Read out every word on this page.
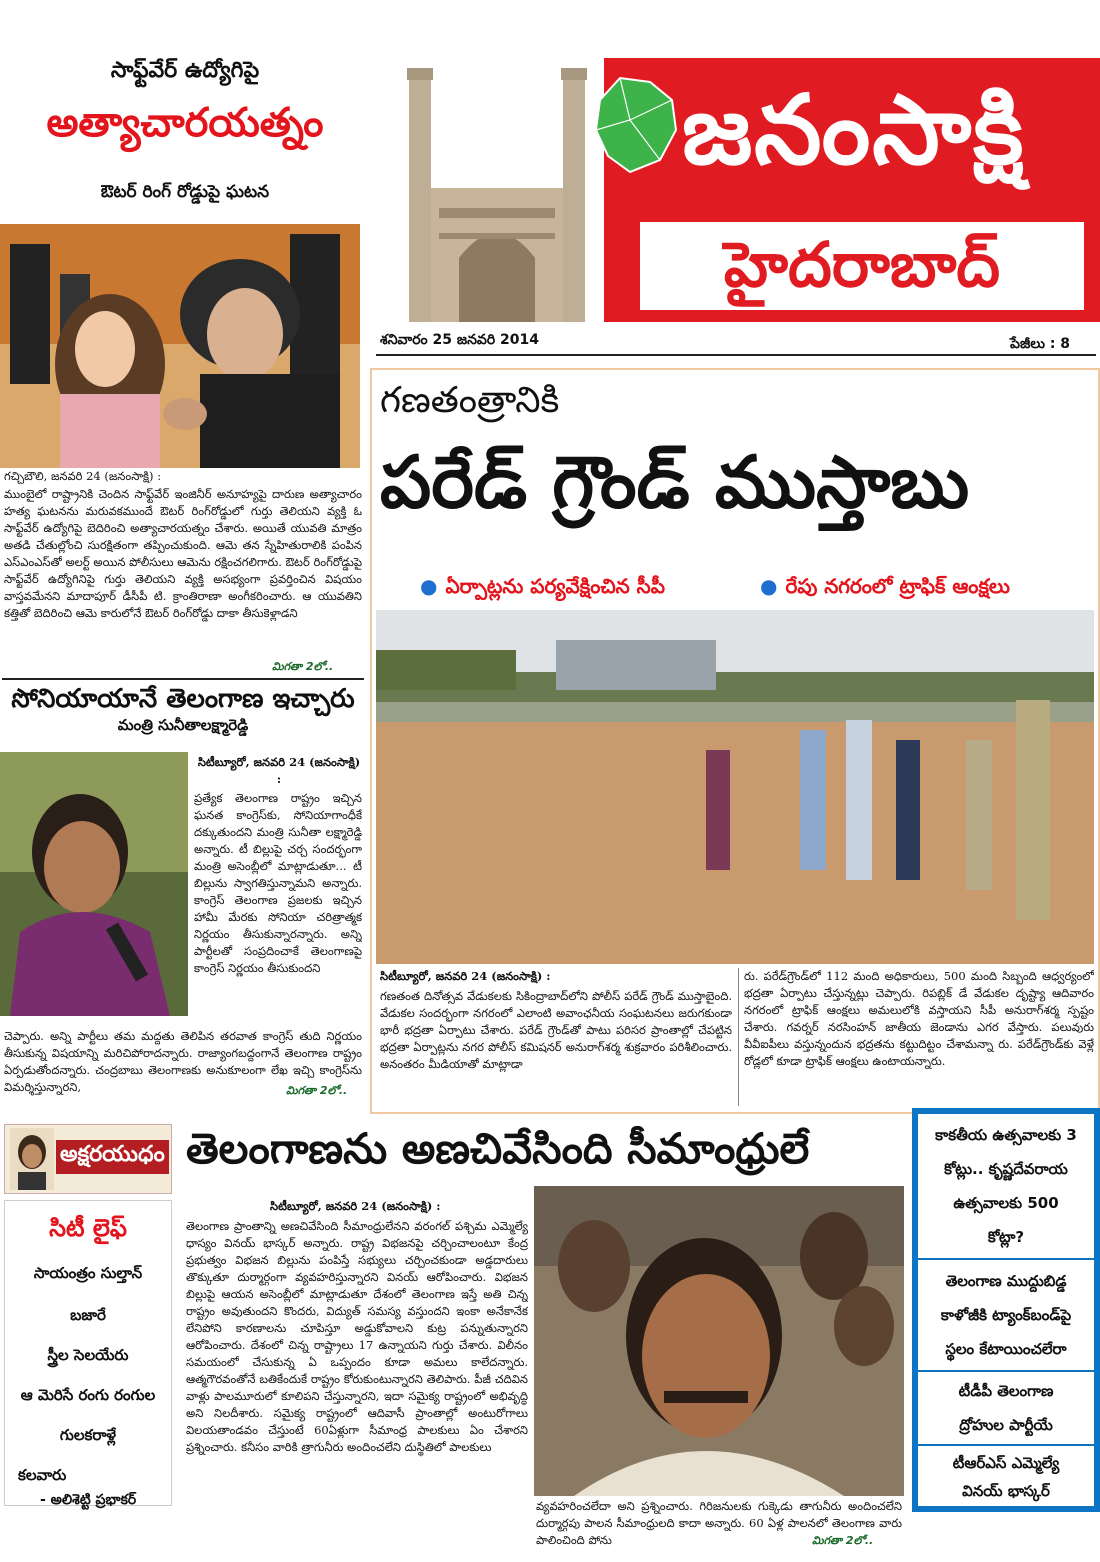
సాఫ్ట్‌వేర్ ఉద్యోగిపై
అత్యాచారయత్నం
ఔటర్ రింగ్ రోడ్డుపై ఘటన
గచ్చిబౌలి, జనవరి 24 (జనంసాక్షి) :
ముంబైలో రాష్ట్రానికి చెందిన సాఫ్ట్‌వేర్ ఇంజినీర్ అనూహ్యపై దారుణ అత్యాచారం హత్య ఘటనను మరువకముందే ఔటర్ రింగ్‌రోడ్డులో గుర్తు తెలియని వ్యక్తి ఓ సాఫ్ట్‌వేర్ ఉద్యోగిపై బెదిరించి అత్యాచారయత్నం చేశారు. అయితే యువతి మాత్రం అతడి చేతుల్లోంచి సురక్షితంగా తప్పించుకుంది. ఆమె తన స్నేహితురాలికి పంపిన ఎస్ఎంఎస్‌తో అలర్ట్ అయిన పోలీసులు ఆమెను రక్షించగలిగారు. ఔటర్ రింగ్‌రోడ్డుపై సాఫ్ట్‌వేర్ ఉద్యోగినిపై గుర్తు తెలియని వ్యక్తి అసభ్యంగా ప్రవర్తించిన విషయం వాస్తవమేనని మాదాపూర్ డీసీపీ టి. క్రాంతిరాణా అంగీకరించారు. ఆ యువతిని కత్తితో బెదిరించి ఆమె కారులోనే ఔటర్ రింగ్‌రోడ్డు దాకా తీసుకెళ్లాడని
మిగతా 2లో..
సోనియాయానే తెలంగాణ ఇచ్చారు
మంత్రి సునీతాలక్ష్మారెడ్డి
సిటీబ్యూరో, జనవరి 24 (జనంసాక్షి) :
ప్రత్యేక తెలంగాణ రాష్ట్రం ఇచ్చిన ఘనత కాంగ్రెస్‌కు, సోనియాగాంధీకే దక్కుతుందని మంత్రి సునీతా లక్ష్మారెడ్డి అన్నారు. టీ బిల్లుపై చర్చ సందర్భంగా మంత్రి అసెంబ్లీలో మాట్లాడుతూ... టీ బిల్లును స్వాగతిస్తున్నామని అన్నారు. కాంగ్రెస్ తెలంగాణ ప్రజలకు ఇచ్చిన హామీ మేరకు సోనియా చరిత్రాత్మక నిర్ణయం తీసుకున్నారన్నారు. అన్ని పార్టీలతో సంప్రదించాకే తెలంగాణపై కాంగ్రెస్ నిర్ణయం తీసుకుందని
చెప్పారు. అన్ని పార్టీలు తమ మద్దతు తెలిపిన తరవాత కాంగ్రెస్ తుది నిర్ణయం తీసుకున్న విషయాన్ని మరిచిపోరాదన్నారు. రాజ్యాంగబద్దంగానే తెలంగాణ రాష్ట్రం ఏర్పడుతోందన్నారు. చంద్రబాబు తెలంగాణకు అనుకూలంగా లేఖ ఇచ్చి కాంగ్రెస్‌ను విమర్శిస్తున్నారని,	మిగతా 2లో..
జనంసాక్షి
హైదరాబాద్
శనివారం 25 జనవరి 2014	పేజీలు : 8
గణతంత్రానికి
పరేడ్ గ్రౌండ్ ముస్తాబు
● ఏర్పాట్లను పర్యవేక్షించిన సీపీ	● రేపు నగరంలో ట్రాఫిక్ ఆంక్షలు
సిటీబ్యూరో, జనవరి 24 (జనంసాక్షి) :
గణతంత దినోత్సవ వేడుకలకు సికింద్రాబాద్‌లోని పోలీస్ పరేడ్ గ్రౌండ్ ముస్తాబైంది. వేడుకల సందర్భంగా నగరంలో ఎలాంటి అవాంఛనీయ సంఘటనలు జరుగకుండా భారీ భద్రతా ఏర్పాటు చేశారు. పరేడ్ గ్రౌండ్‌తో పాటు పరిసర ప్రాంతాల్లో చేపట్టిన భద్రతా ఏర్పాట్లను నగర పోలీస్ కమిషనర్ అనురాగ్‌శర్మ శుక్రవారం పరిశీలించారు. అనంతరం మీడియాతో మాట్లాడా
రు. పరేడ్‌గ్రౌండ్‌లో 112 మంది అధికారులు, 500 మంది సిబ్బంది ఆధ్వర్యంలో భద్రతా ఏర్పాటు చేస్తున్నట్లు చెప్పారు. రిపబ్లిక్ డే వేడుకల దృష్ట్యా ఆదివారం నగరంలో ట్రాఫిక్ ఆంక్షలు అమలులోకి వస్తాయని సీపీ అనురాగ్‌శర్మ స్పష్టం చేశారు. గవర్నర్ నరసింహన్ జాతీయ జెండాను ఎగర వేస్తారు. పలువురు వీవీఐపీలు వస్తున్నందున భద్రతను కట్టుదిట్టం చేశామన్నా రు. పరేడ్‌గ్రౌండ్‌కు వెళ్లే రోడ్లలో కూడా ట్రాఫిక్ ఆంక్షలు ఉంటాయన్నారు.
అక్షరయుధం
సిటీ లైఫ్
సాయంత్రం సుల్తాన్
బజారే
స్త్రీల సెలయేరు
ఆ మెరిసే రంగు రంగుల
గులకరాళ్లే
కలవారు
- అలిశెట్టి ప్రభాకర్
తెలంగాణను అణచివేసింది సీమాంధ్రులే
సిటీబ్యూరో, జనవరి 24 (జనంసాక్షి) :
తెలంగాణ ప్రాంతాన్ని అణచివేసింది సీమాంధ్రులేనని వరంగల్ పశ్చిమ ఎమ్మెల్యే ధాస్యం వినయ్ భాస్కర్ అన్నారు. రాష్ట్ర విభజనపై చర్చించాలంటూ కేంద్ర ప్రభుత్వం విభజన బిల్లును పంపిస్తే సభ్యులు చర్చించకుండా అడ్డదారులు తొక్కుతూ దుర్మార్గంగా వ్యవహరిస్తున్నారని వినయ్ ఆరోపించారు. విభజన బిల్లుపై ఆయన అసెంబ్లీలో మాట్లాడుతూ దేశంలో తెలంగాణ ఇస్తే అతి చిన్న రాష్ట్రం అవుతుందని కొందరు, విద్యుత్ సమస్య వస్తుందని ఇంకా అనేకానేక లేనిపోని కారణాలను చూపిస్తూ అడ్డుకోవాలని కుట్ర పన్నుతున్నారని ఆరోపించారు. దేశంలో చిన్న రాష్ట్రాలు 17 ఉన్నాయని గుర్తు చేశారు. విలీనం సమయంలో చేసుకున్న ఏ ఒప్పందం కూడా అమలు కాలేదన్నారు. ఆత్మగౌరవంతోనే బతికేందుకే రాష్ట్రం కోరుకుంటున్నారని తెలిపారు. పీజీ చదివిన వాళ్లు పాలమూరులో కూలిపని చేస్తున్నారని, ఇదా సమైక్య రాష్ట్రంలో అభివృద్ధి అని నిలదీశారు. సమైక్య రాష్ట్రంలో ఆదివాసీ ప్రాంతాల్లో అంటురోగాలు విలయతాండవం చేస్తుంటే 60ఏళ్లుగా సీమాంధ్ర పాలకులు ఏం చేశారని ప్రశ్నించారు. కనీసం వారికి త్రాగునీరు అందించలేని దుస్థితిలో పాలకులు
వ్యవహరించలేదా అని ప్రశ్నించారు. గిరిజనులకు గుక్కెడు తాగునీరు అందించలేని దుర్మార్గపు పాలన సీమాంధ్రులది కాదా అన్నారు. 60 ఏళ్ల పాలనలో తెలంగాణ వారు పాలించింది పోను	మిగతా 2లో..
కాకతీయ ఉత్సవాలకు 3
కోట్లు.. కృష్ణదేవరాయ
ఉత్సవాలకు 500
కోట్లా?
తెలంగాణ ముద్దుబిడ్డ
కాళోజీకి ట్యాంక్‌బండ్‌పై
స్థలం కేటాయించలేరా
టీడీపీ తెలంగాణ
ద్రోహుల పార్టీయే
టీఆర్ఎస్ ఎమ్మెల్యే
వినయ్ భాస్కర్
